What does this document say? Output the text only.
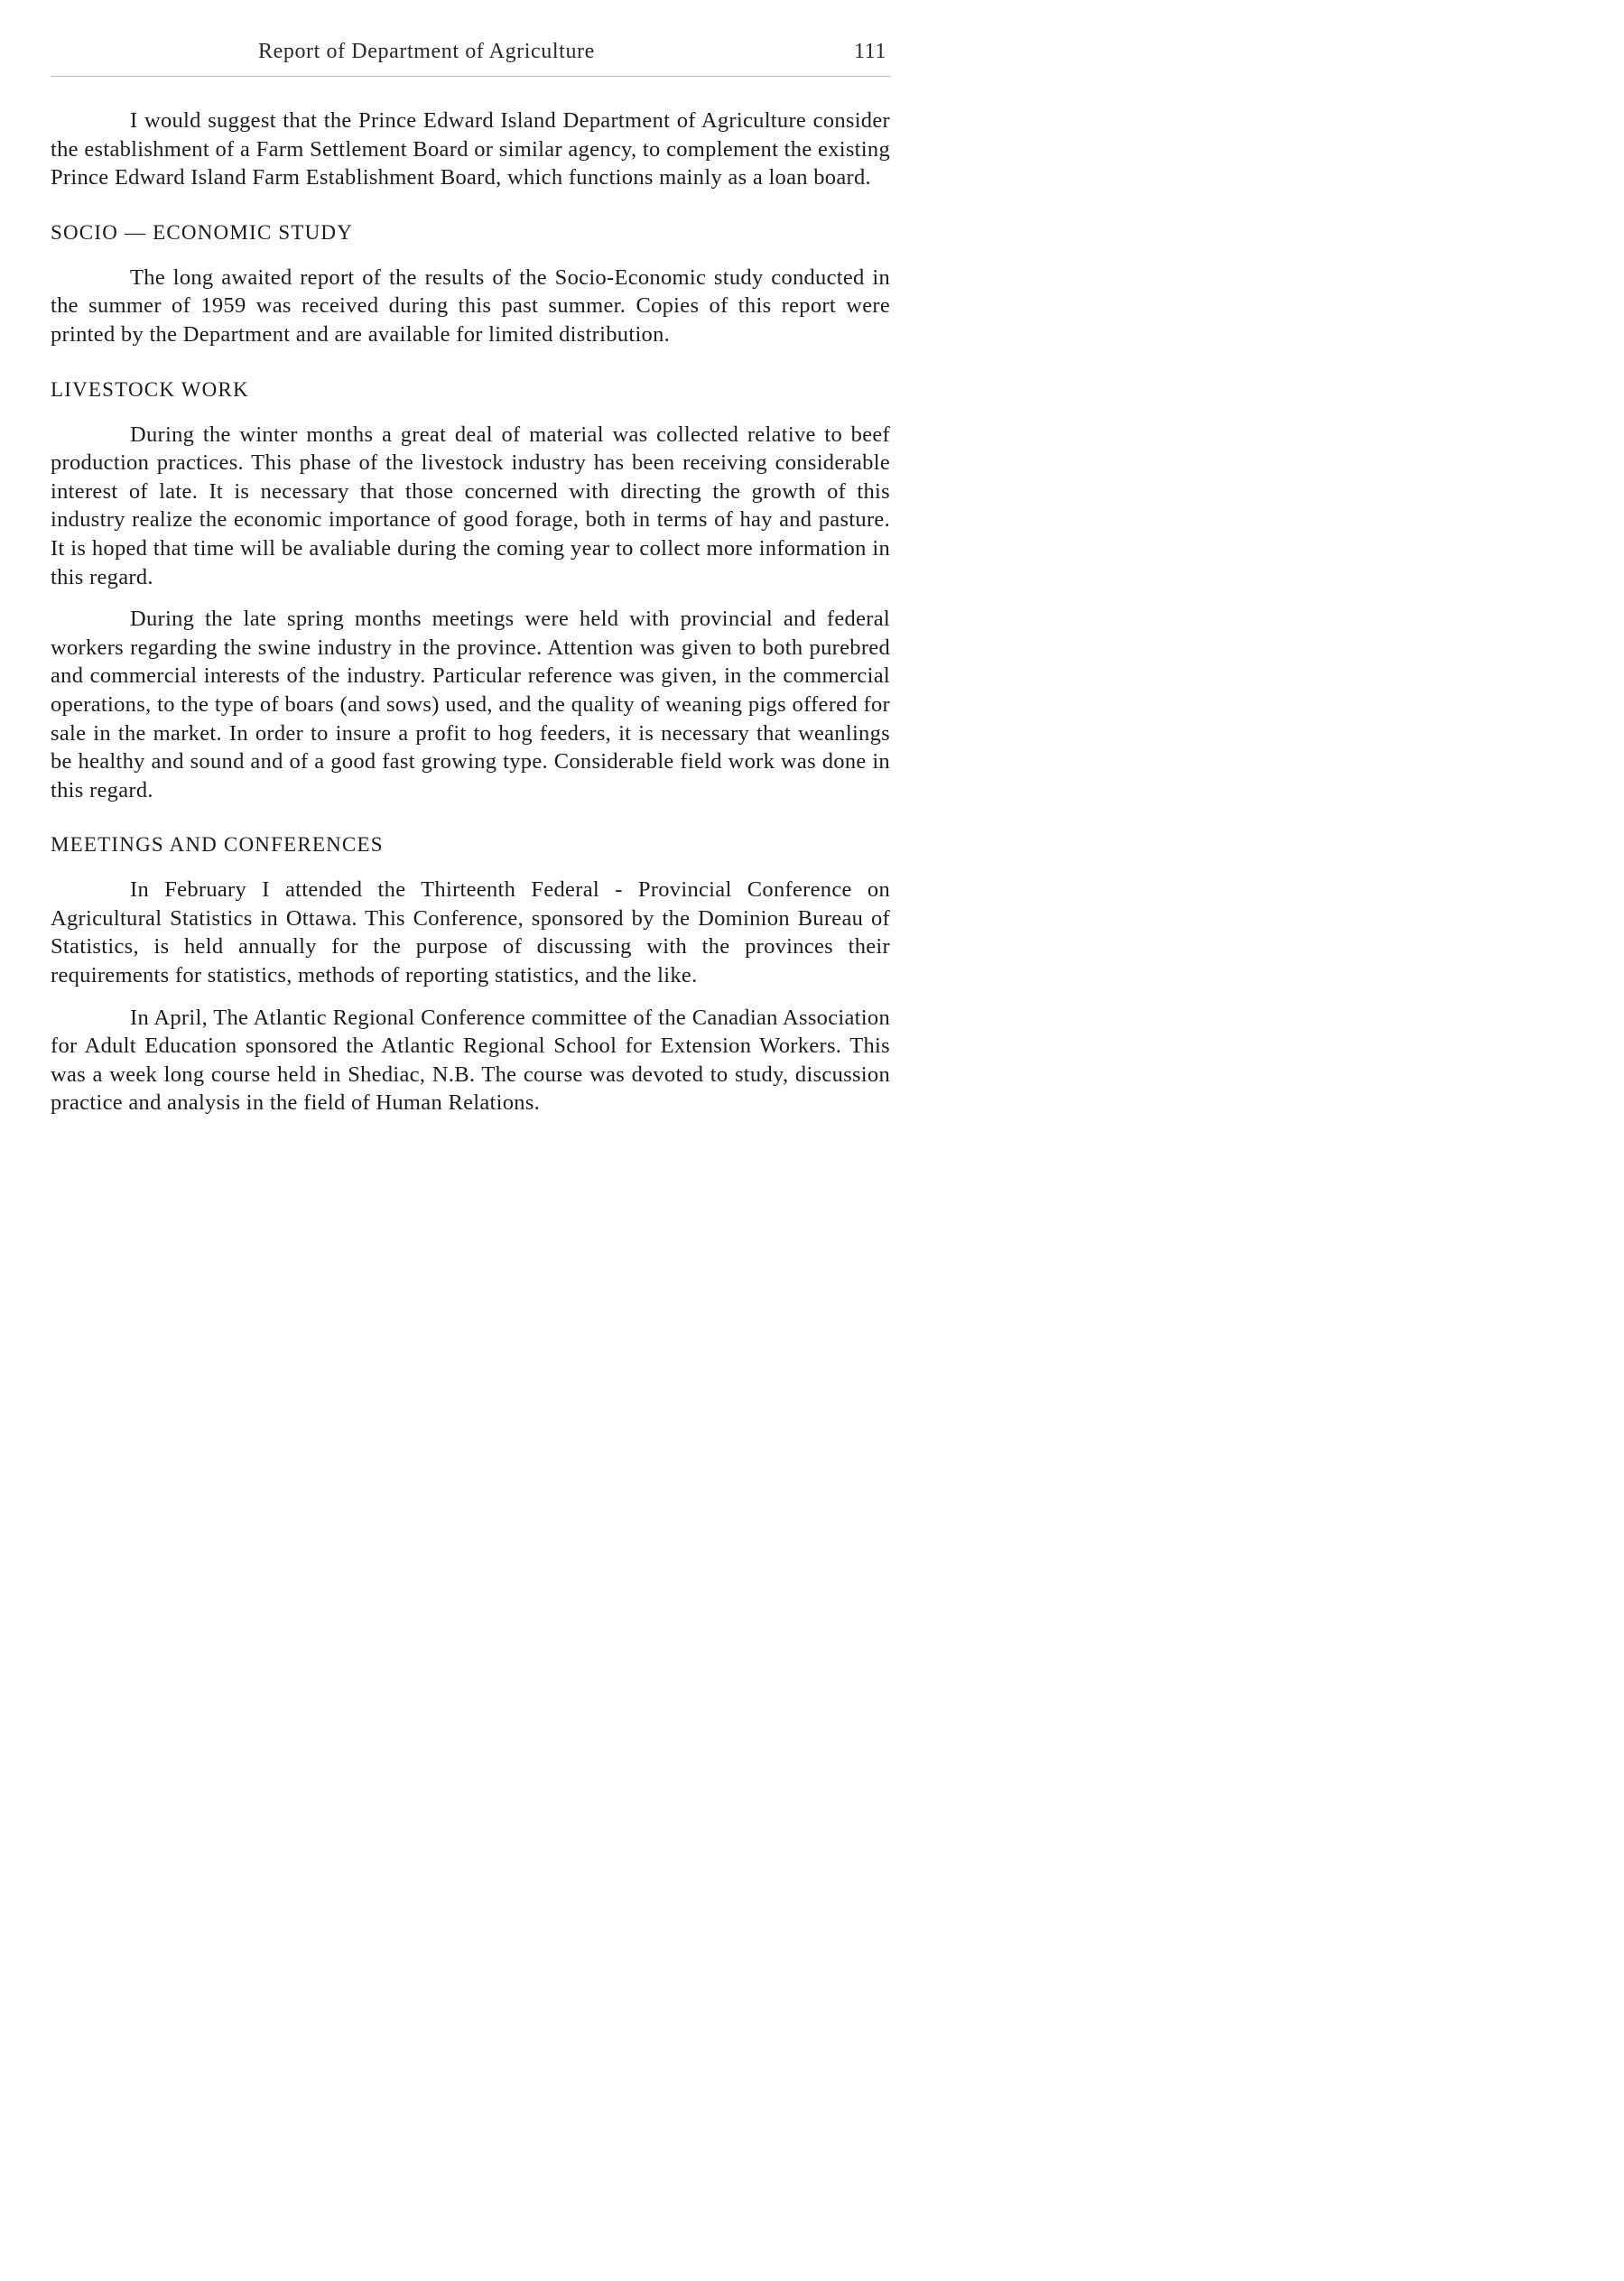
Report of Department of Agriculture	111

I would suggest that the Prince Edward Island Department of Agriculture consider the establishment of a Farm Settlement Board or similar agency, to complement the existing Prince Edward Island Farm Establishment Board, which functions mainly as a loan board.

SOCIO — ECONOMIC STUDY

The long awaited report of the results of the Socio-Economic study conducted in the summer of 1959 was received during this past summer. Copies of this report were printed by the Department and are available for limited distribution.

LIVESTOCK WORK

During the winter months a great deal of material was collected relative to beef production practices. This phase of the livestock industry has been receiving considerable interest of late. It is necessary that those concerned with directing the growth of this industry realize the economic importance of good forage, both in terms of hay and pasture. It is hoped that time will be avaliable during the coming year to collect more information in this regard.

During the late spring months meetings were held with provincial and federal workers regarding the swine industry in the province. Attention was given to both purebred and commercial interests of the industry. Particular reference was given, in the commercial operations, to the type of boars (and sows) used, and the quality of weaning pigs offered for sale in the market. In order to insure a profit to hog feeders, it is necessary that weanlings be healthy and sound and of a good fast growing type. Considerable field work was done in this regard.

MEETINGS AND CONFERENCES

In February I attended the Thirteenth Federal - Provincial Conference on Agricultural Statistics in Ottawa. This Conference, sponsored by the Dominion Bureau of Statistics, is held annually for the purpose of discussing with the provinces their requirements for statistics, methods of reporting statistics, and the like.

In April, The Atlantic Regional Conference committee of the Canadian Association for Adult Education sponsored the Atlantic Regional School for Extension Workers. This was a week long course held in Shediac, N.B. The course was devoted to study, discussion practice and analysis in the field of Human Relations.
